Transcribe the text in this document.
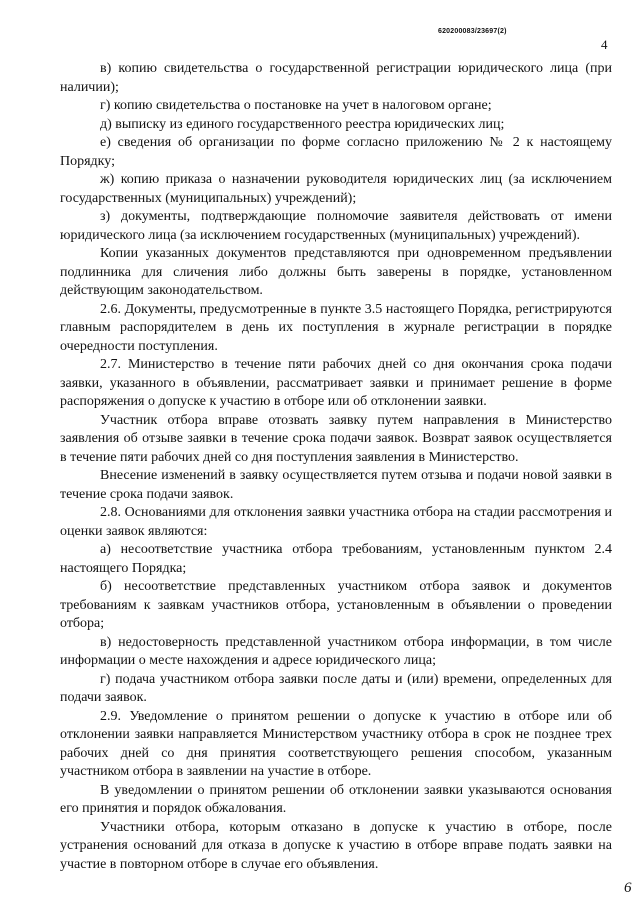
620200083/23697(2)
4

в) копию свидетельства о государственной регистрации юридического лица (при наличии);

г) копию свидетельства о постановке на учет в налоговом органе;

д) выписку из единого государственного реестра юридических лиц;

е) сведения об организации по форме согласно приложению № 2 к настоящему Порядку;

ж) копию приказа о назначении руководителя юридических лиц (за исключением государственных (муниципальных) учреждений);

з) документы, подтверждающие полномочие заявителя действовать от имени юридического лица (за исключением государственных (муниципальных) учреждений).

Копии указанных документов представляются при одновременном предъявлении подлинника для сличения либо должны быть заверены в порядке, установленном действующим законодательством.

2.6. Документы, предусмотренные в пункте 3.5 настоящего Порядка, регистрируются главным распорядителем в день их поступления в журнале регистрации в порядке очередности поступления.

2.7. Министерство в течение пяти рабочих дней со дня окончания срока подачи заявки, указанного в объявлении, рассматривает заявки и принимает решение в форме распоряжения о допуске к участию в отборе или об отклонении заявки.

Участник отбора вправе отозвать заявку путем направления в Министерство заявления об отзыве заявки в течение срока подачи заявок. Возврат заявок осуществляется в течение пяти рабочих дней со дня поступления заявления в Министерство.

Внесение изменений в заявку осуществляется путем отзыва и подачи новой заявки в течение срока подачи заявок.

2.8. Основаниями для отклонения заявки участника отбора на стадии рассмотрения и оценки заявок являются:

а) несоответствие участника отбора требованиям, установленным пунктом 2.4 настоящего Порядка;

б) несоответствие представленных участником отбора заявок и документов требованиям к заявкам участников отбора, установленным в объявлении о проведении отбора;

в) недостоверность представленной участником отбора информации, в том числе информации о месте нахождения и адресе юридического лица;

г) подача участником отбора заявки после даты и (или) времени, определенных для подачи заявок.

2.9. Уведомление о принятом решении о допуске к участию в отборе или об отклонении заявки направляется Министерством участнику отбора в срок не позднее трех рабочих дней со дня принятия соответствующего решения способом, указанным участником отбора в заявлении на участие в отборе.

В уведомлении о принятом решении об отклонении заявки указываются основания его принятия и порядок обжалования.

Участники отбора, которым отказано в допуске к участию в отборе, после устранения оснований для отказа в допуске к участию в отборе вправе подать заявки на участие в повторном отборе в случае его объявления.

6
